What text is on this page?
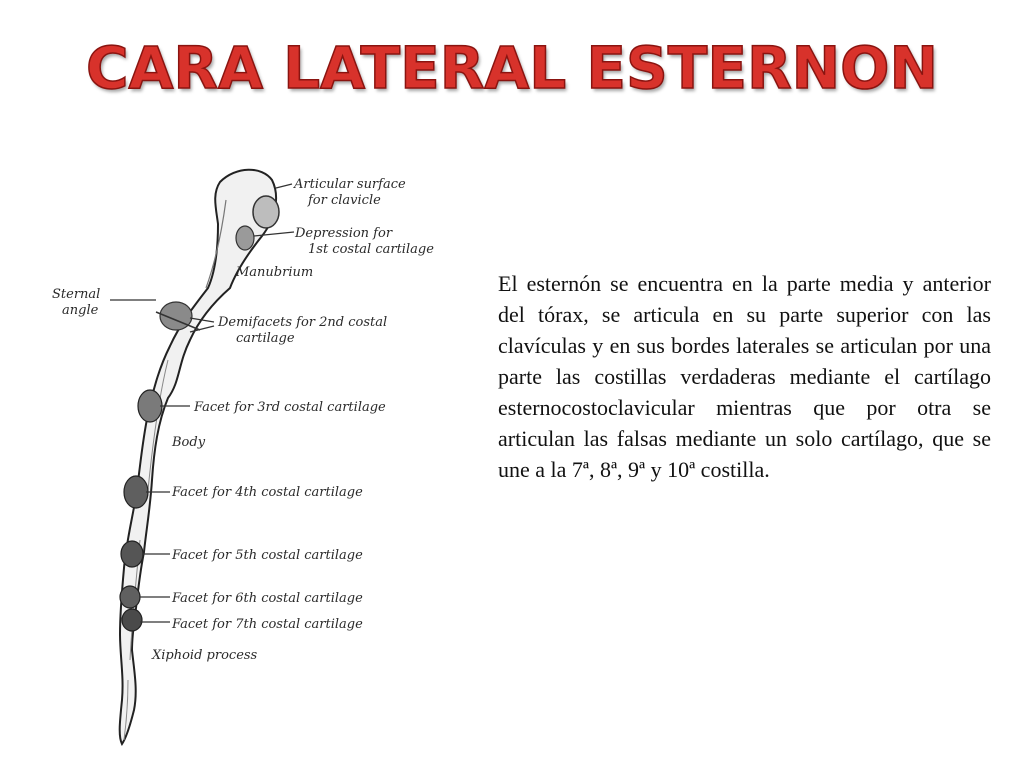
CARA LATERAL ESTERNON
Articular surface
for clavicle
Depression for
1st costal cartilage
Manubrium
Sternal
angle
Demifacets for 2nd costal
cartilage
Facet for 3rd costal cartilage
Body
Facet for 4th costal cartilage
Facet for 5th costal cartilage
Facet for 6th costal cartilage
Facet for 7th costal cartilage
Xiphoid process
El esternón se encuentra en la parte media y anterior del tórax, se articula en su parte superior con las clavículas y en sus bordes laterales se articulan por una parte las costillas verdaderas mediante el cartílago esternocostoclavicular mientras que por otra se articulan las falsas mediante un solo cartílago, que se une a la 7ª, 8ª, 9ª y 10ª costilla.
